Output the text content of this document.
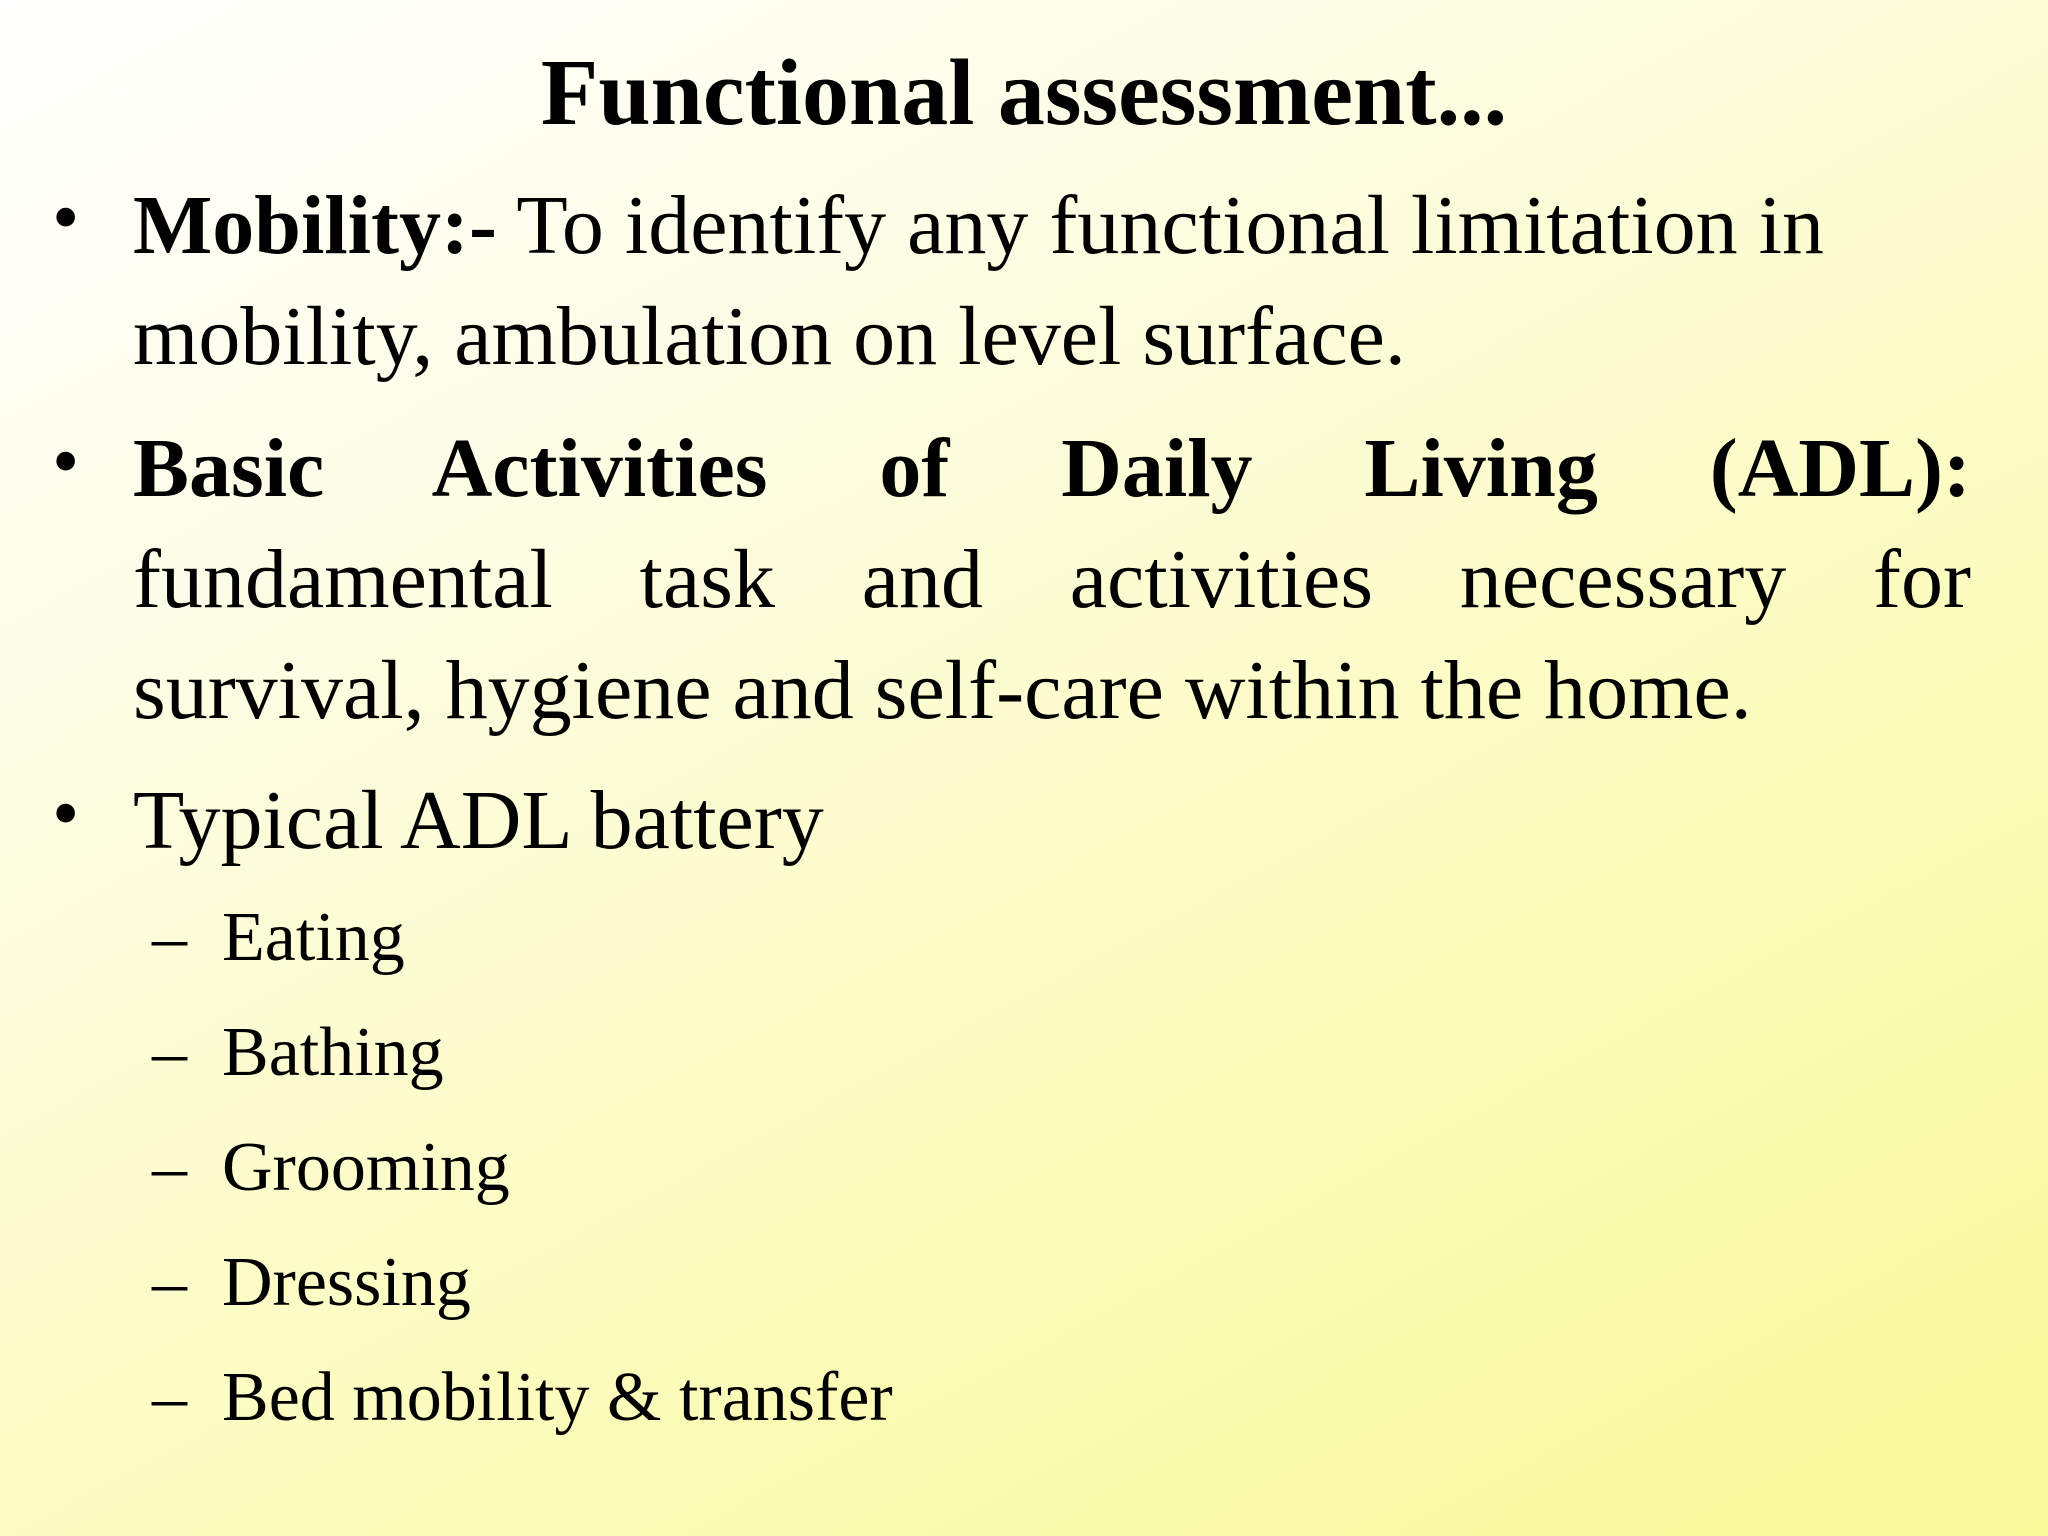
Functional assessment...
• Mobility:- To identify any functional limitation in
mobility, ambulation on level surface.
• Basic Activities of Daily Living (ADL):
fundamental task and activities necessary for
survival, hygiene and self-care within the home.
• Typical ADL battery
– Eating
– Bathing
– Grooming
– Dressing
– Bed mobility & transfer
